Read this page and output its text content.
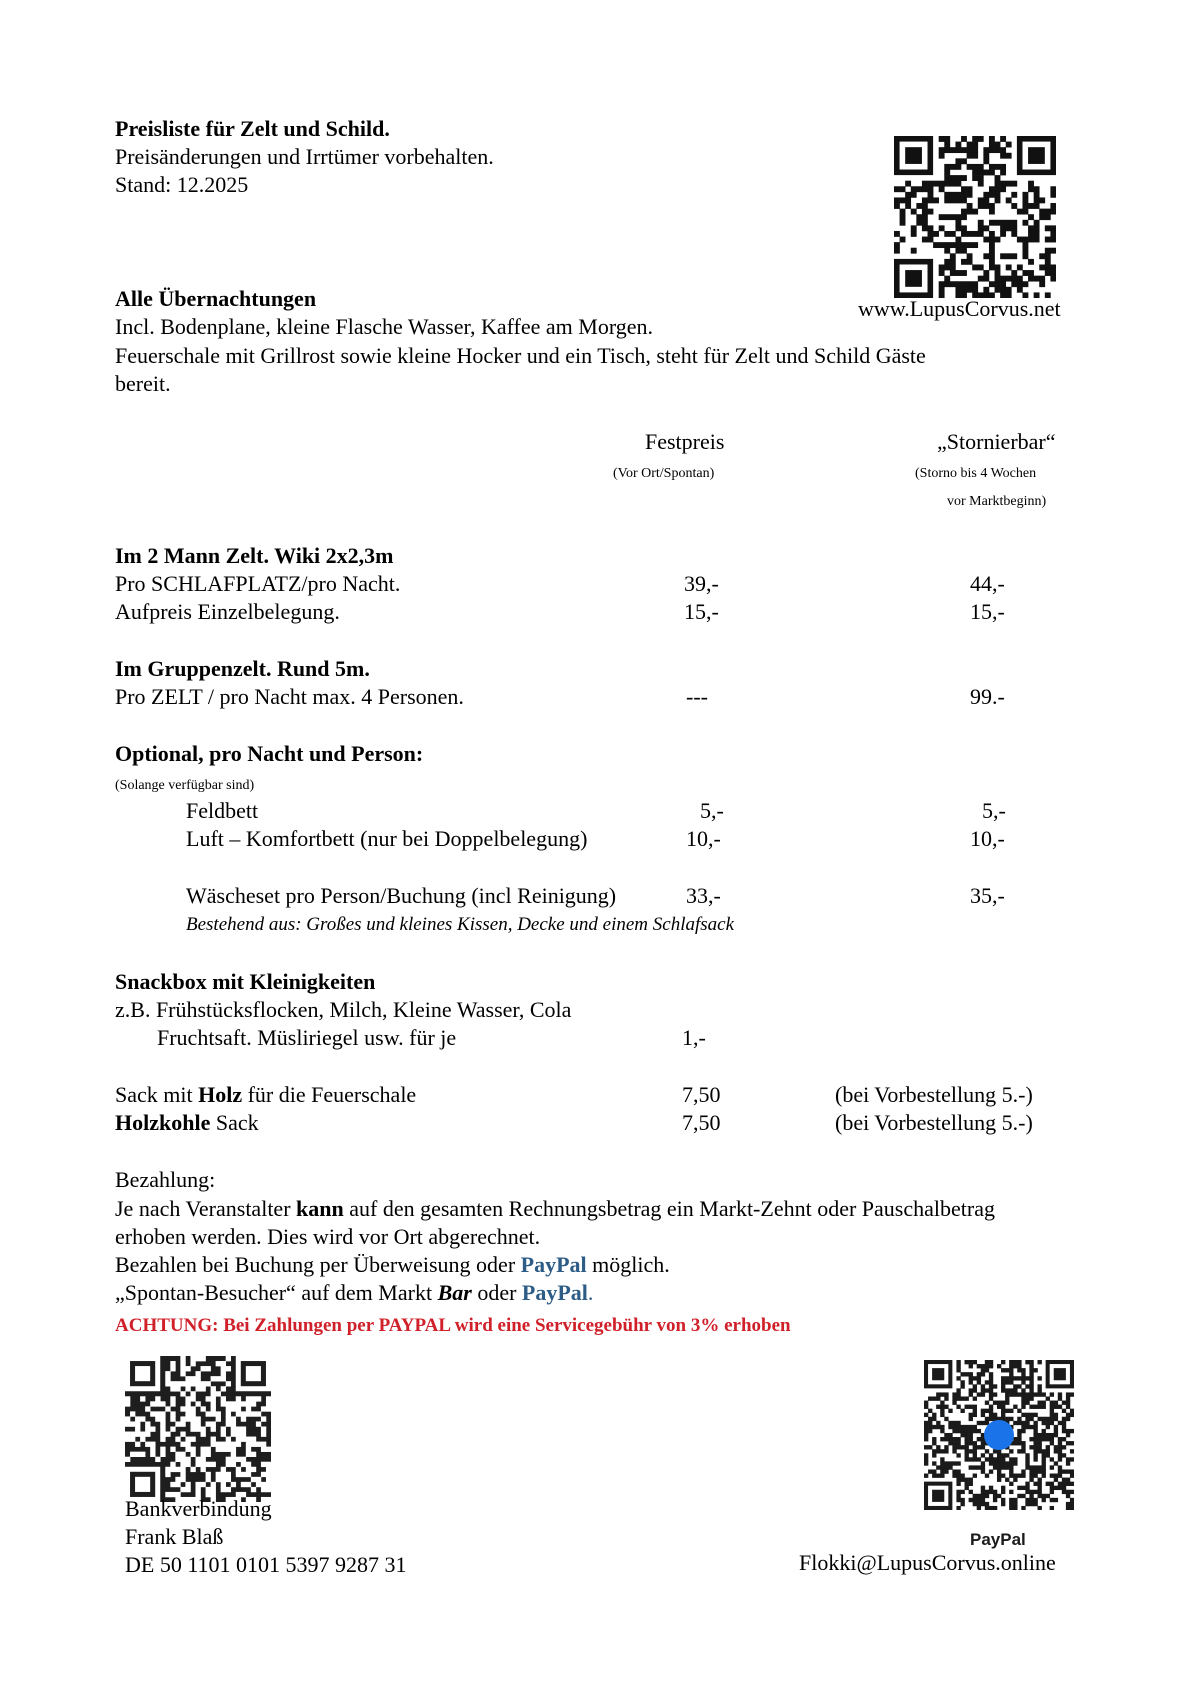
Preisliste für Zelt und Schild.
Preisänderungen und Irrtümer vorbehalten.
Stand: 12.2025
www.LupusCorvus.net
Alle Übernachtungen
Incl. Bodenplane, kleine Flasche Wasser, Kaffee am Morgen.
Feuerschale mit Grillrost sowie kleine Hocker und ein Tisch, steht für Zelt und Schild Gäste
bereit.
Festpreis
(Vor Ort/Spontan)
„Stornierbar“
(Storno bis 4 Wochen
vor Marktbeginn)
Im 2 Mann Zelt. Wiki 2x2,3m
Pro SCHLAFPLATZ/pro Nacht.	39,-	44,-
Aufpreis Einzelbelegung.	15,-	15,-
Im Gruppenzelt. Rund 5m.
Pro ZELT / pro Nacht max. 4 Personen.	---	99.-
Optional, pro Nacht und Person:
(Solange verfügbar sind)
Feldbett	5,-	5,-
Luft – Komfortbett (nur bei Doppelbelegung)	10,-	10,-
Wäscheset pro Person/Buchung (incl Reinigung)	33,-	35,-
Bestehend aus: Großes und kleines Kissen, Decke und einem Schlafsack
Snackbox mit Kleinigkeiten
z.B. Frühstücksflocken, Milch, Kleine Wasser, Cola
Fruchtsaft. Müsliriegel usw. für je	1,-
Sack mit Holz für die Feuerschale	7,50	(bei Vorbestellung 5.-)
Holzkohle Sack	7,50	(bei Vorbestellung 5.-)
Bezahlung:
Je nach Veranstalter kann auf den gesamten Rechnungsbetrag ein Markt-Zehnt oder Pauschalbetrag
erhoben werden. Dies wird vor Ort abgerechnet.
Bezahlen bei Buchung per Überweisung oder PayPal möglich.
„Spontan-Besucher“ auf dem Markt Bar oder PayPal.
ACHTUNG: Bei Zahlungen per PAYPAL wird eine Servicegebühr von 3% erhoben
Bankverbindung
Frank Blaß
DE 50 1101 0101 5397 9287 31
PayPal
Flokki@LupusCorvus.online
